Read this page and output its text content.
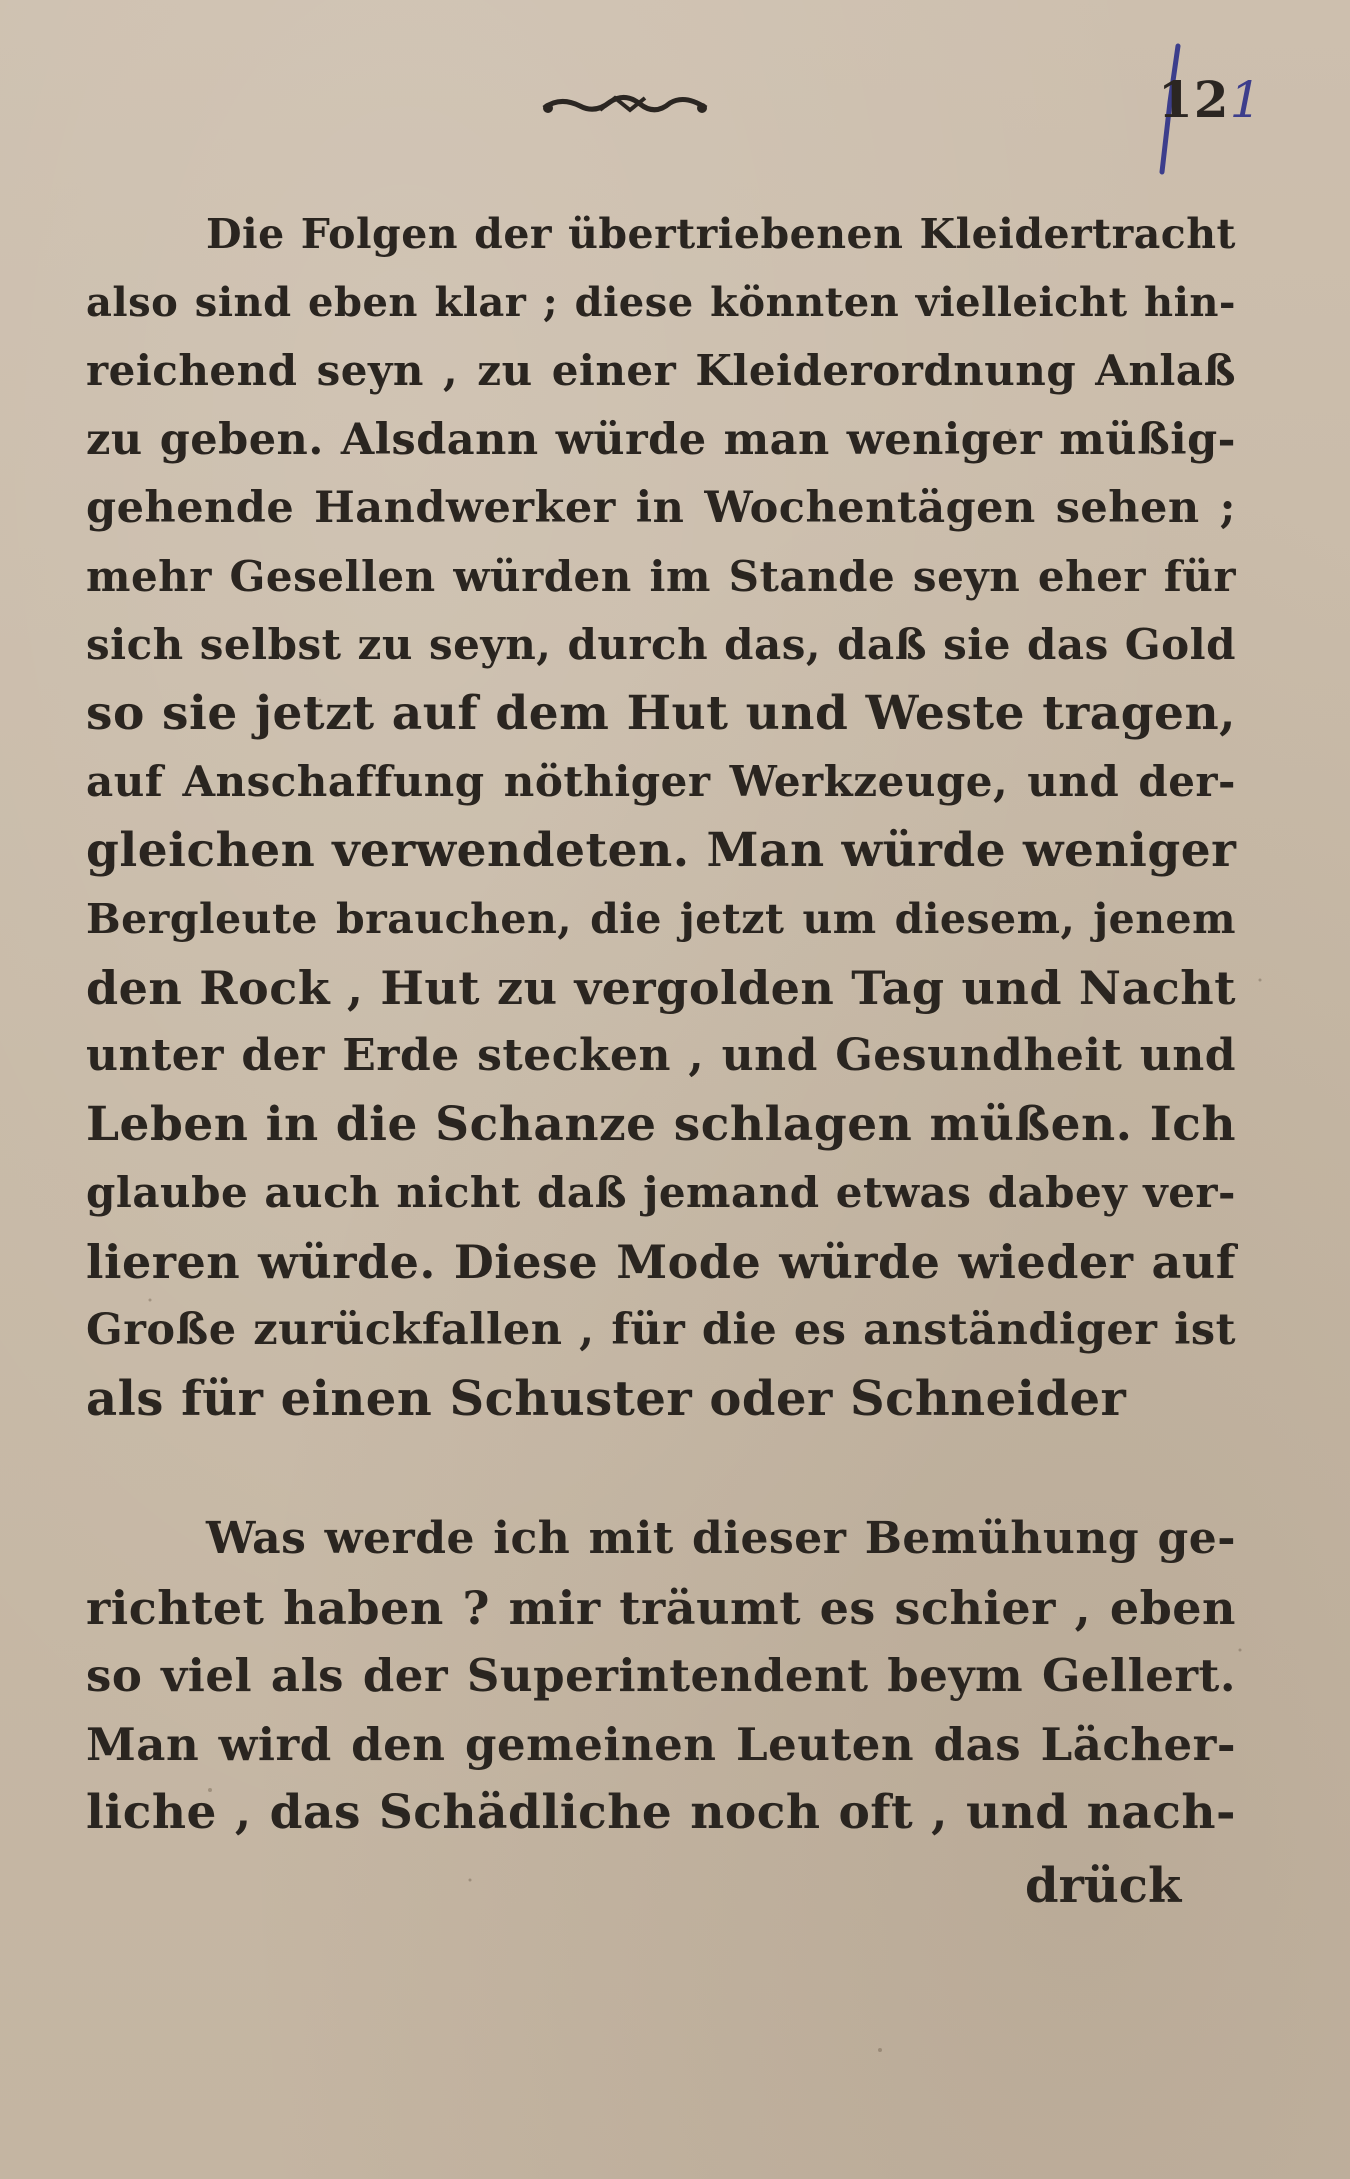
121
Die Folgen der übertriebenen Kleidertracht
also sind eben klar ; diese könnten vielleicht hin-
reichend seyn , zu einer Kleiderordnung Anlaß
zu geben. Alsdann würde man weniger müßig-
gehende Handwerker in Wochentägen sehen ;
mehr Gesellen würden im Stande seyn eher für
sich selbst zu seyn, durch das, daß sie das Gold
so sie jetzt auf dem Hut und Weste tragen,
auf Anschaffung nöthiger Werkzeuge, und der-
gleichen verwendeten. Man würde weniger
Bergleute brauchen, die jetzt um diesem, jenem
den Rock , Hut zu vergolden Tag und Nacht
unter der Erde stecken , und Gesundheit und
Leben in die Schanze schlagen müßen. Ich
glaube auch nicht daß jemand etwas dabey ver-
lieren würde. Diese Mode würde wieder auf
Große zurückfallen , für die es anständiger ist
als für einen Schuster oder Schneider
Was werde ich mit dieser Bemühung ge-
richtet haben ? mir träumt es schier , eben
so viel als der Superintendent beym Gellert.
Man wird den gemeinen Leuten das Lächer-
liche , das Schädliche noch oft , und nach-
drück
